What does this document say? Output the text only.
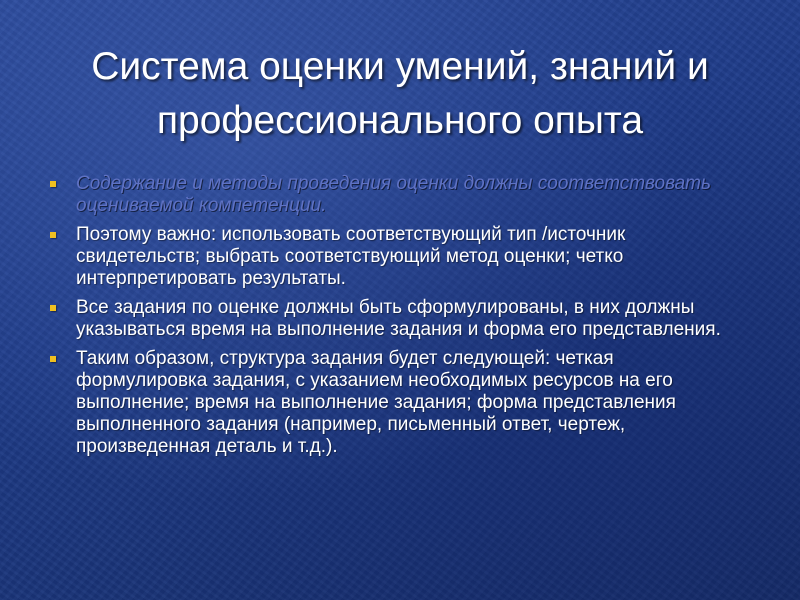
Система оценки умений, знаний и профессионального опыта
Содержание и методы проведения оценки должны соответствовать оцениваемой компетенции.
Поэтому важно: использовать соответствующий тип /источник свидетельств; выбрать соответствующий метод оценки; четко интерпретировать результаты.
Все задания по оценке должны быть сформулированы, в них должны указываться время на выполнение задания и форма его представления.
Таким образом, структура задания будет следующей: четкая формулировка задания, с указанием необходимых ресурсов на его выполнение; время на выполнение задания; форма представления выполненного задания (например, письменный ответ, чертеж, произведенная деталь и т.д.).
